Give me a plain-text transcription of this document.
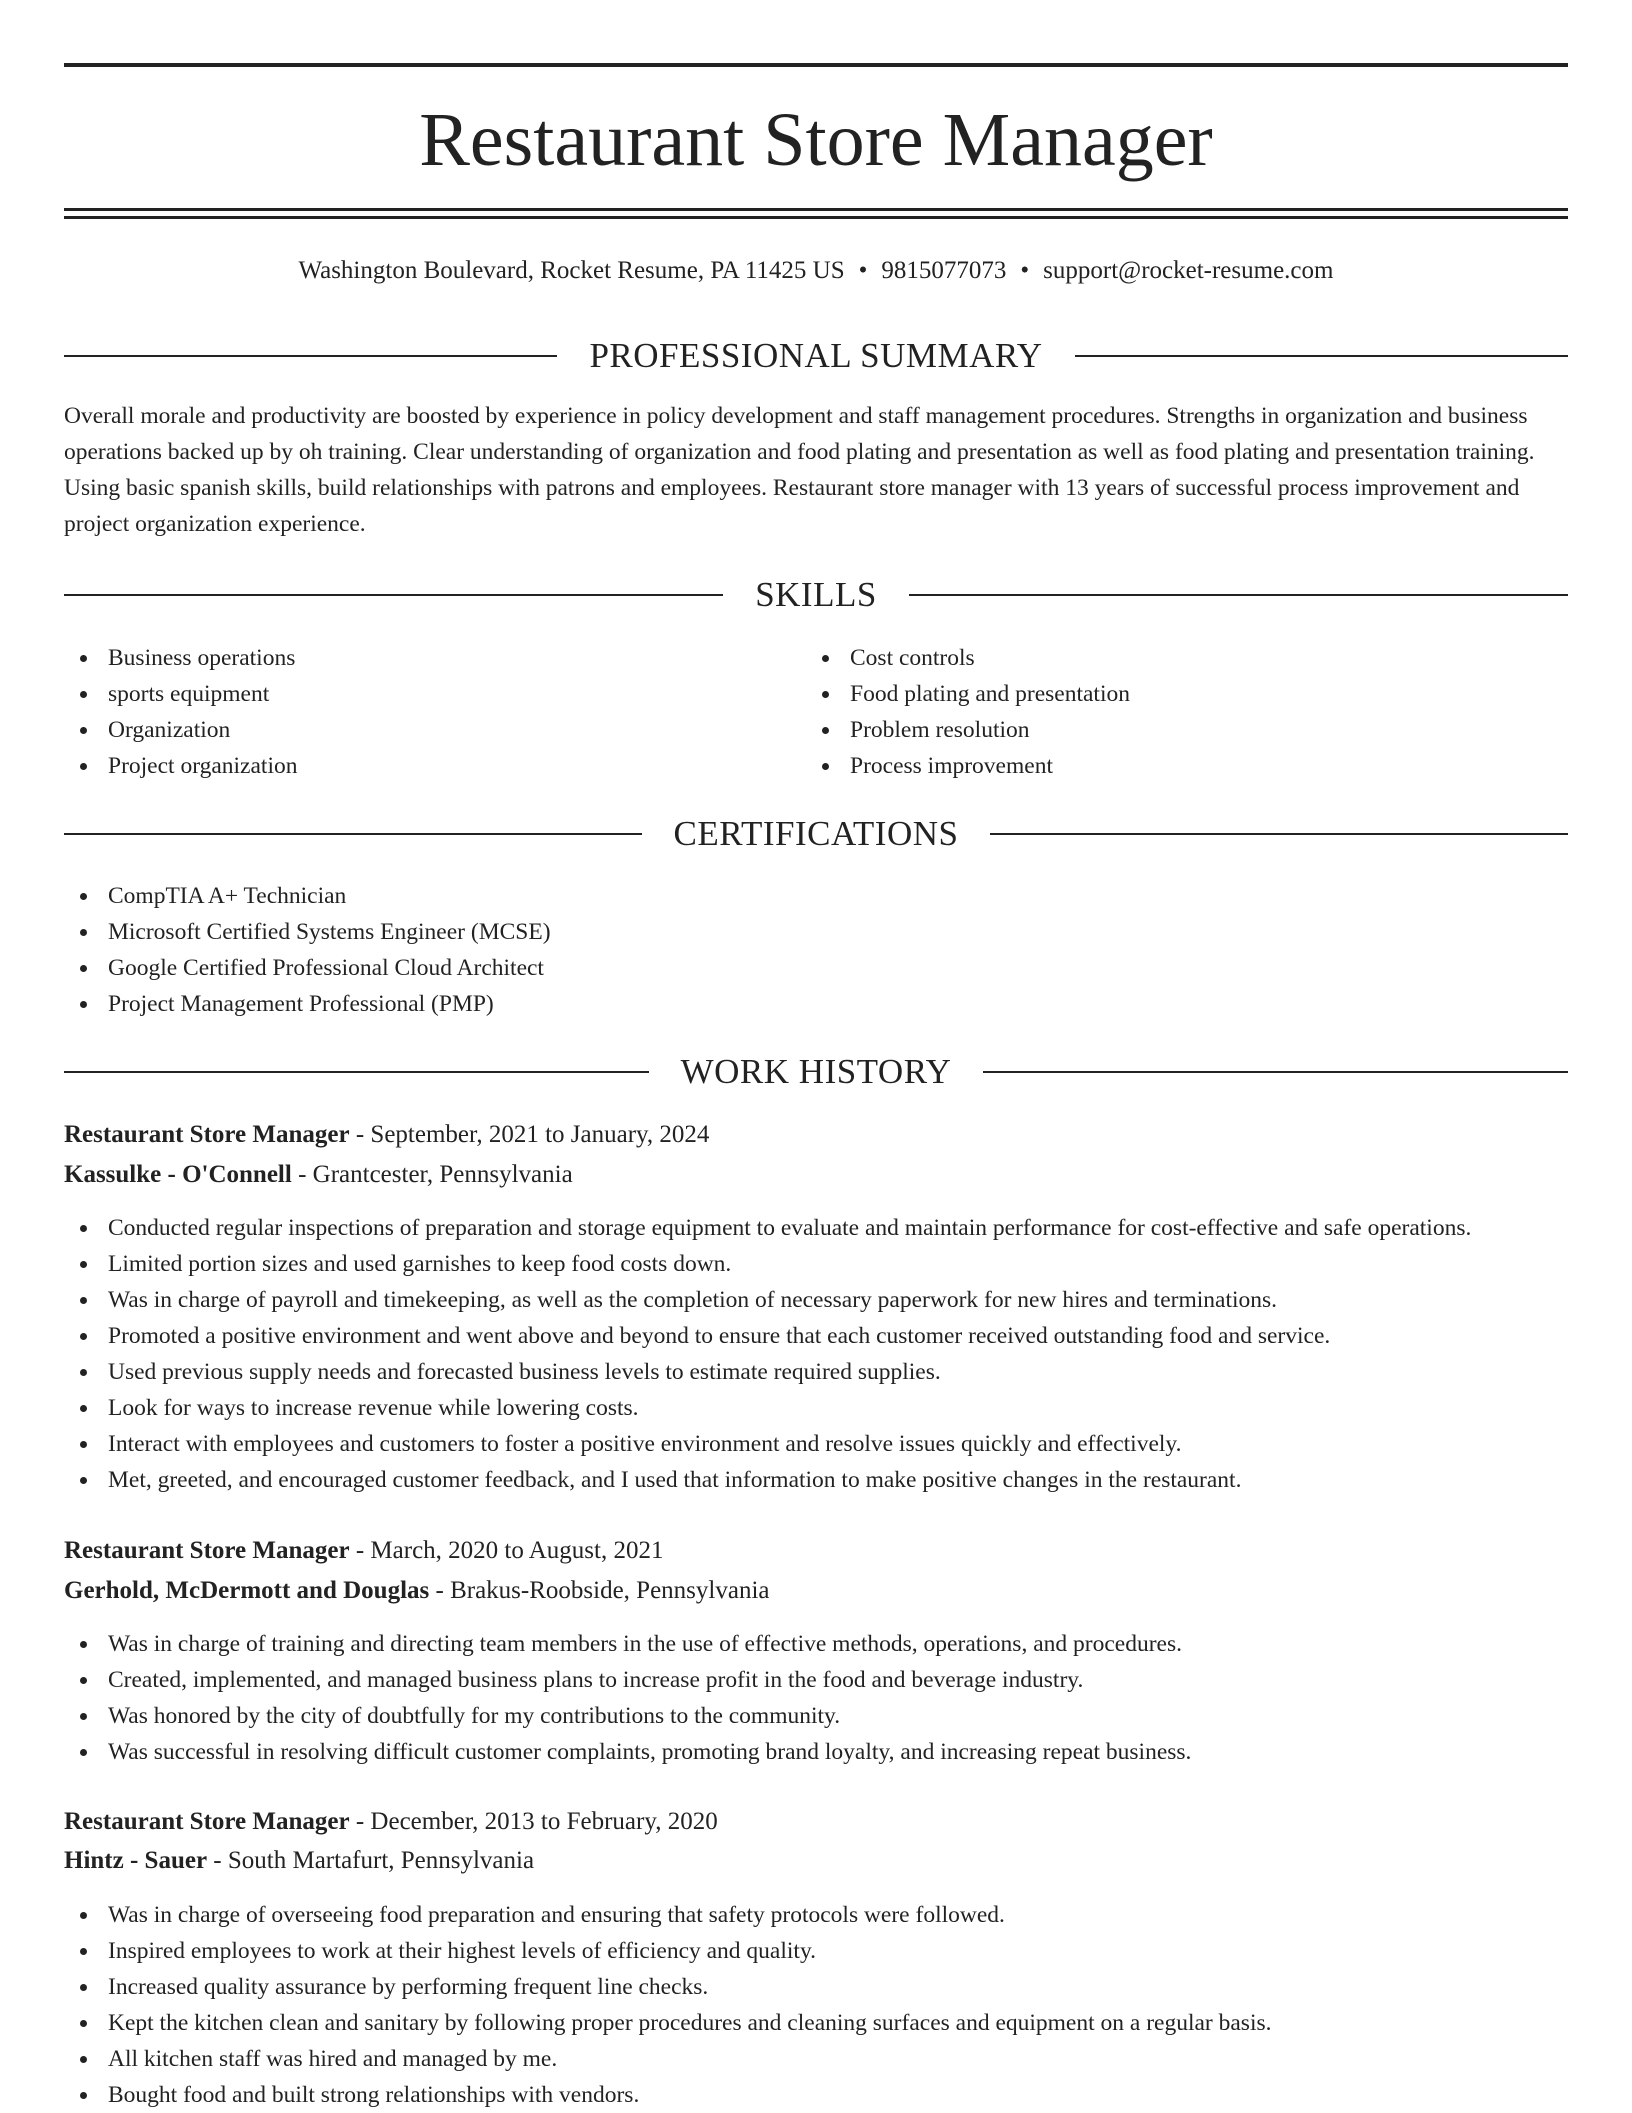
Restaurant Store Manager
Washington Boulevard, Rocket Resume, PA 11425 US • 9815077073 • support@rocket-resume.com
PROFESSIONAL SUMMARY

Overall morale and productivity are boosted by experience in policy development and staff management procedures. Strengths in organization and business operations backed up by oh training. Clear understanding of organization and food plating and presentation as well as food plating and presentation training. Using basic spanish skills, build relationships with patrons and employees. Restaurant store manager with 13 years of successful process improvement and project organization experience.

SKILLS
Business operations
sports equipment
Organization
Project organization
Cost controls
Food plating and presentation
Problem resolution
Process improvement
CERTIFICATIONS
CompTIA A+ Technician
Microsoft Certified Systems Engineer (MCSE)
Google Certified Professional Cloud Architect
Project Management Professional (PMP)
WORK HISTORY
Restaurant Store Manager - September, 2021 to January, 2024
Kassulke - O'Connell - Grantcester, Pennsylvania
Conducted regular inspections of preparation and storage equipment to evaluate and maintain performance for cost-effective and safe operations.
Limited portion sizes and used garnishes to keep food costs down.
Was in charge of payroll and timekeeping, as well as the completion of necessary paperwork for new hires and terminations.
Promoted a positive environment and went above and beyond to ensure that each customer received outstanding food and service.
Used previous supply needs and forecasted business levels to estimate required supplies.
Look for ways to increase revenue while lowering costs.
Interact with employees and customers to foster a positive environment and resolve issues quickly and effectively.
Met, greeted, and encouraged customer feedback, and I used that information to make positive changes in the restaurant.
Restaurant Store Manager - March, 2020 to August, 2021
Gerhold, McDermott and Douglas - Brakus-Roobside, Pennsylvania
Was in charge of training and directing team members in the use of effective methods, operations, and procedures.
Created, implemented, and managed business plans to increase profit in the food and beverage industry.
Was honored by the city of doubtfully for my contributions to the community.
Was successful in resolving difficult customer complaints, promoting brand loyalty, and increasing repeat business.
Restaurant Store Manager - December, 2013 to February, 2020
Hintz - Sauer - South Martafurt, Pennsylvania
Was in charge of overseeing food preparation and ensuring that safety protocols were followed.
Inspired employees to work at their highest levels of efficiency and quality.
Increased quality assurance by performing frequent line checks.
Kept the kitchen clean and sanitary by following proper procedures and cleaning surfaces and equipment on a regular basis.
All kitchen staff was hired and managed by me.
Bought food and built strong relationships with vendors.
